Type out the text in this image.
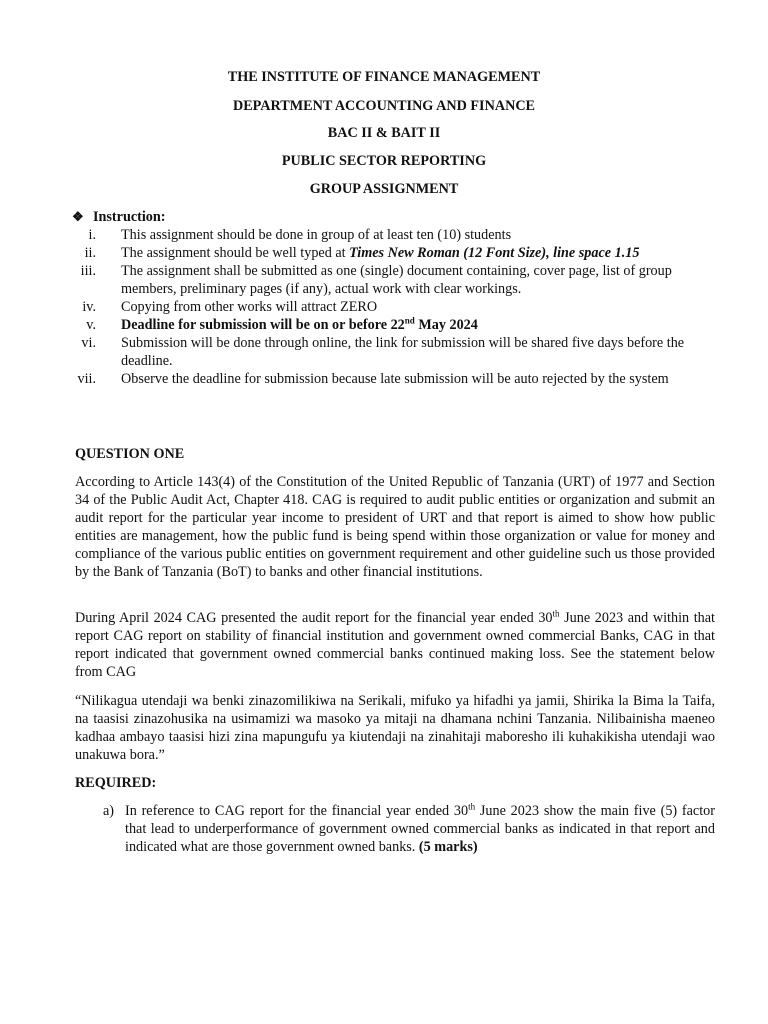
THE INSTITUTE OF FINANCE MANAGEMENT
DEPARTMENT ACCOUNTING AND FINANCE
BAC II & BAIT II
PUBLIC SECTOR REPORTING
GROUP ASSIGNMENT
❖ Instruction:
i. This assignment should be done in group of at least ten (10) students
ii. The assignment should be well typed at Times New Roman (12 Font Size), line space 1.15
iii. The assignment shall be submitted as one (single) document containing, cover page, list of group members, preliminary pages (if any), actual work with clear workings.
iv. Copying from other works will attract ZERO
v. Deadline for submission will be on or before 22nd May 2024
vi. Submission will be done through online, the link for submission will be shared five days before the deadline.
vii. Observe the deadline for submission because late submission will be auto rejected by the system
QUESTION ONE
According to Article 143(4) of the Constitution of the United Republic of Tanzania (URT) of 1977 and Section 34 of the Public Audit Act, Chapter 418. CAG is required to audit public entities or organization and submit an audit report for the particular year income to president of URT and that report is aimed to show how public entities are management, how the public fund is being spend within those organization or value for money and compliance of the various public entities on government requirement and other guideline such us those provided by the Bank of Tanzania (BoT) to banks and other financial institutions.
During April 2024 CAG presented the audit report for the financial year ended 30th June 2023 and within that report CAG report on stability of financial institution and government owned commercial Banks, CAG in that report indicated that government owned commercial banks continued making loss. See the statement below from CAG
“Nilikagua utendaji wa benki zinazomilikiwa na Serikali, mifuko ya hifadhi ya jamii, Shirika la Bima la Taifa, na taasisi zinazohusika na usimamizi wa masoko ya mitaji na dhamana nchini Tanzania. Nilibainisha maeneo kadhaa ambayo taasisi hizi zina mapungufu ya kiutendaji na zinahitaji maboresho ili kuhakikisha utendaji wao unakuwa bora.”
REQUIRED:
a) In reference to CAG report for the financial year ended 30th June 2023 show the main five (5) factor that lead to underperformance of government owned commercial banks as indicated in that report and indicated what are those government owned banks. (5 marks)
